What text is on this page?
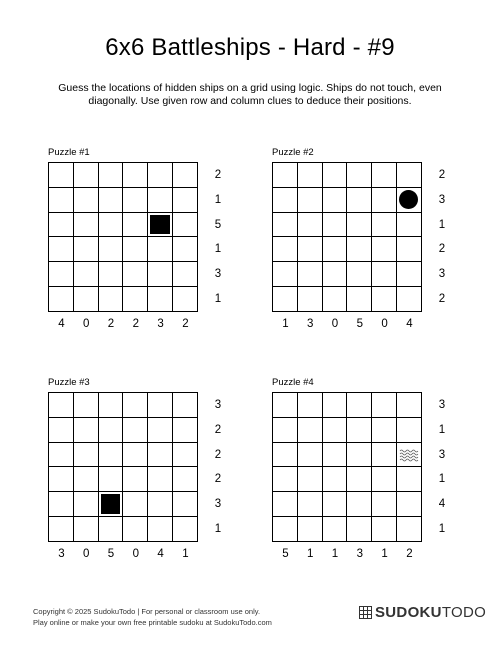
6x6 Battleships - Hard - #9
Guess the locations of hidden ships on a grid using logic. Ships do not touch, even diagonally. Use given row and column clues to deduce their positions.
Puzzle #1
2
1
5
1
3
1
4	0	2	2	3	2
Puzzle #2
2
3
1
2
3
2
1	3	0	5	0	4
Puzzle #3
3
2
2
2
3
1
3	0	5	0	4	1
Puzzle #4
3
1
3
1
4
1
5	1	1	3	1	2
Copyright © 2025 SudokuTodo | For personal or classroom use only.
Play online or make your own free printable sudoku at SudokuTodo.com
SUDOKU TODO
